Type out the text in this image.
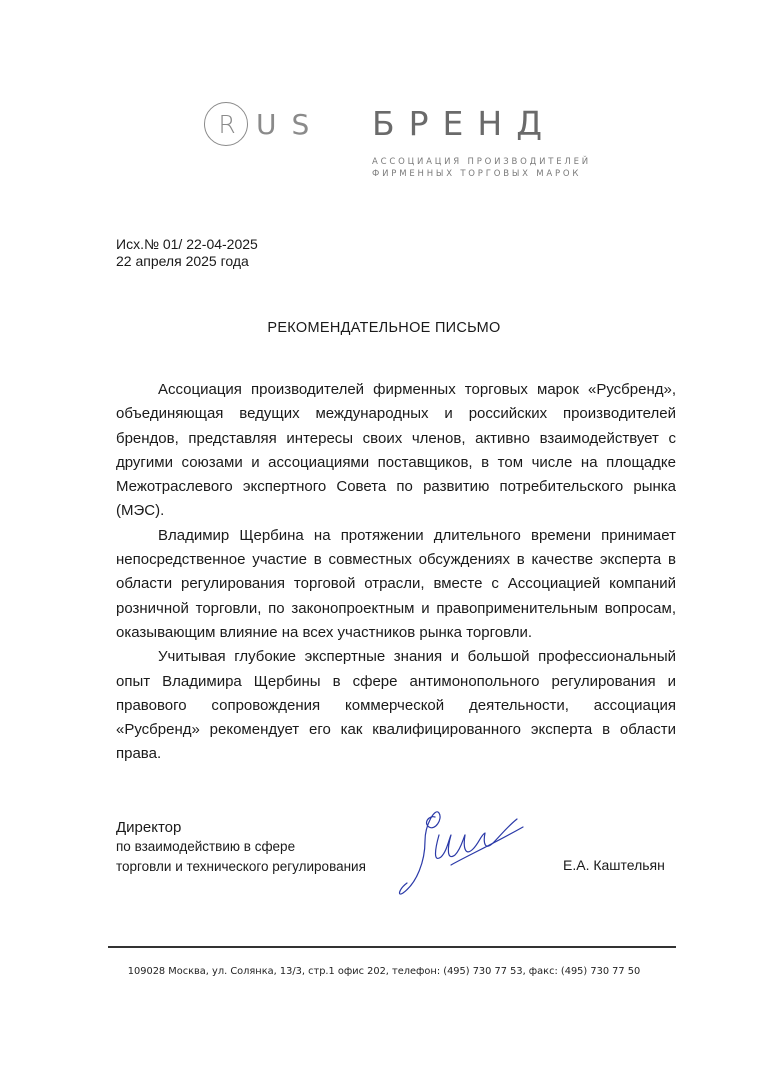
R US БРЕНД
АССОЦИАЦИЯ ПРОИЗВОДИТЕЛЕЙ
ФИРМЕННЫХ ТОРГОВЫХ МАРОК
Исх.№ 01/ 22-04-2025
22 апреля 2025 года
РЕКОМЕНДАТЕЛЬНОЕ ПИСЬМО

Ассоциация производителей фирменных торговых марок «Русбренд», объединяющая ведущих международных и российских производителей брендов, представляя интересы своих членов, активно взаимодействует с другими союзами и ассоциациями поставщиков, в том числе на площадке Межотраслевого экспертного Совета по развитию потребительского рынка (МЭС).

Владимир Щербина на протяжении длительного времени принимает непосредственное участие в совместных обсуждениях в качестве эксперта в области регулирования торговой отрасли, вместе с Ассоциацией компаний розничной торговли, по законопроектным и правоприменительным вопросам, оказывающим влияние на всех участников рынка торговли.

Учитывая глубокие экспертные знания и большой профессиональный опыт Владимира Щербины в сфере антимонопольного регулирования и правового сопровождения коммерческой деятельности, ассоциация «Русбренд» рекомендует его как квалифицированного эксперта в области права.

Директор
по взаимодействию в сфере
торговли и технического регулирования	Е.А. Каштельян
109028 Москва, ул. Солянка, 13/3, стр.1 офис 202, телефон: (495) 730 77 53, факс: (495) 730 77 50
